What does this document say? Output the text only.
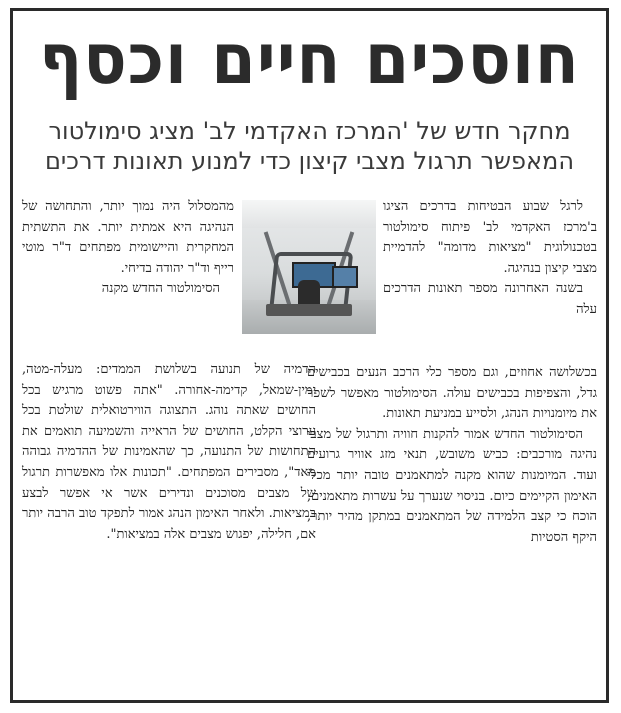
חוסכים חיים וכסף
מחקר חדש של 'המרכז האקדמי לב' מציג סימולטור
המאפשר תרגול מצבי קיצון כדי למנוע תאונות דרכים

לרגל שבוע הבטיחות בדרכים הציגו ב'מרכז האקדמי לב' פיתוח סימולטור בטכנולוגית "מציאות מדומה" להדמיית מצבי קיצון בנהיגה.

בשנה האחרונה מספר תאונות הדרכים עלה

בכשלושה אחוזים, וגם מספר כלי הרכב הנעים בכבישים גדל, והצפיפות בכבישים עולה. הסימולטור מאפשר לשפר את מיומנויות הנהג, ולסייע במניעת תאונות.

הסימולטור החדש אמור להקנות חוויה ותרגול של מצבי נהיגה מורכבים: כביש משובש, תנאי מזג אוויר גרועים ועוד. המיומנות שהוא מקנה למתאמנים טובה יותר מכלי האימון הקיימים כיום. בניסוי שנערך על עשרות מתאמנים, הוכח כי קצב הלמידה של המתאמנים במתקן מהיר יותר, היקף הסטיות

מהמסלול היה נמוך יותר, והתחושה של הנהיגה היא אמתית יותר. את התשתית המחקרית והיישומית מפתחים ד"ר מוטי רייף וד"ר יהודה בדיחי.

הסימולטור החדש מקנה

הדמיה של תנועה בשלושת הממדים: מעלה-מטה, ימין-שמאל, קדימה-אחורה. "אתה פשוט מרגיש בכל החושים שאתה נוהג. התצוגה הווירטואלית שולטת בכל ערוצי הקלט, החושים של הראייה והשמיעה תואמים את התחושות של התנועה, כך שהאמינות של ההדמיה גבוהה מאד", מסבירים המפתחים. "תכונות אלו מאפשרות תרגול של מצבים מסוכנים ונדירים אשר אי אפשר לבצע במציאות. ולאחר האימון הנהג אמור לתפקד טוב הרבה יותר אם, חלילה, יפגוש מצבים אלה במציאות".
